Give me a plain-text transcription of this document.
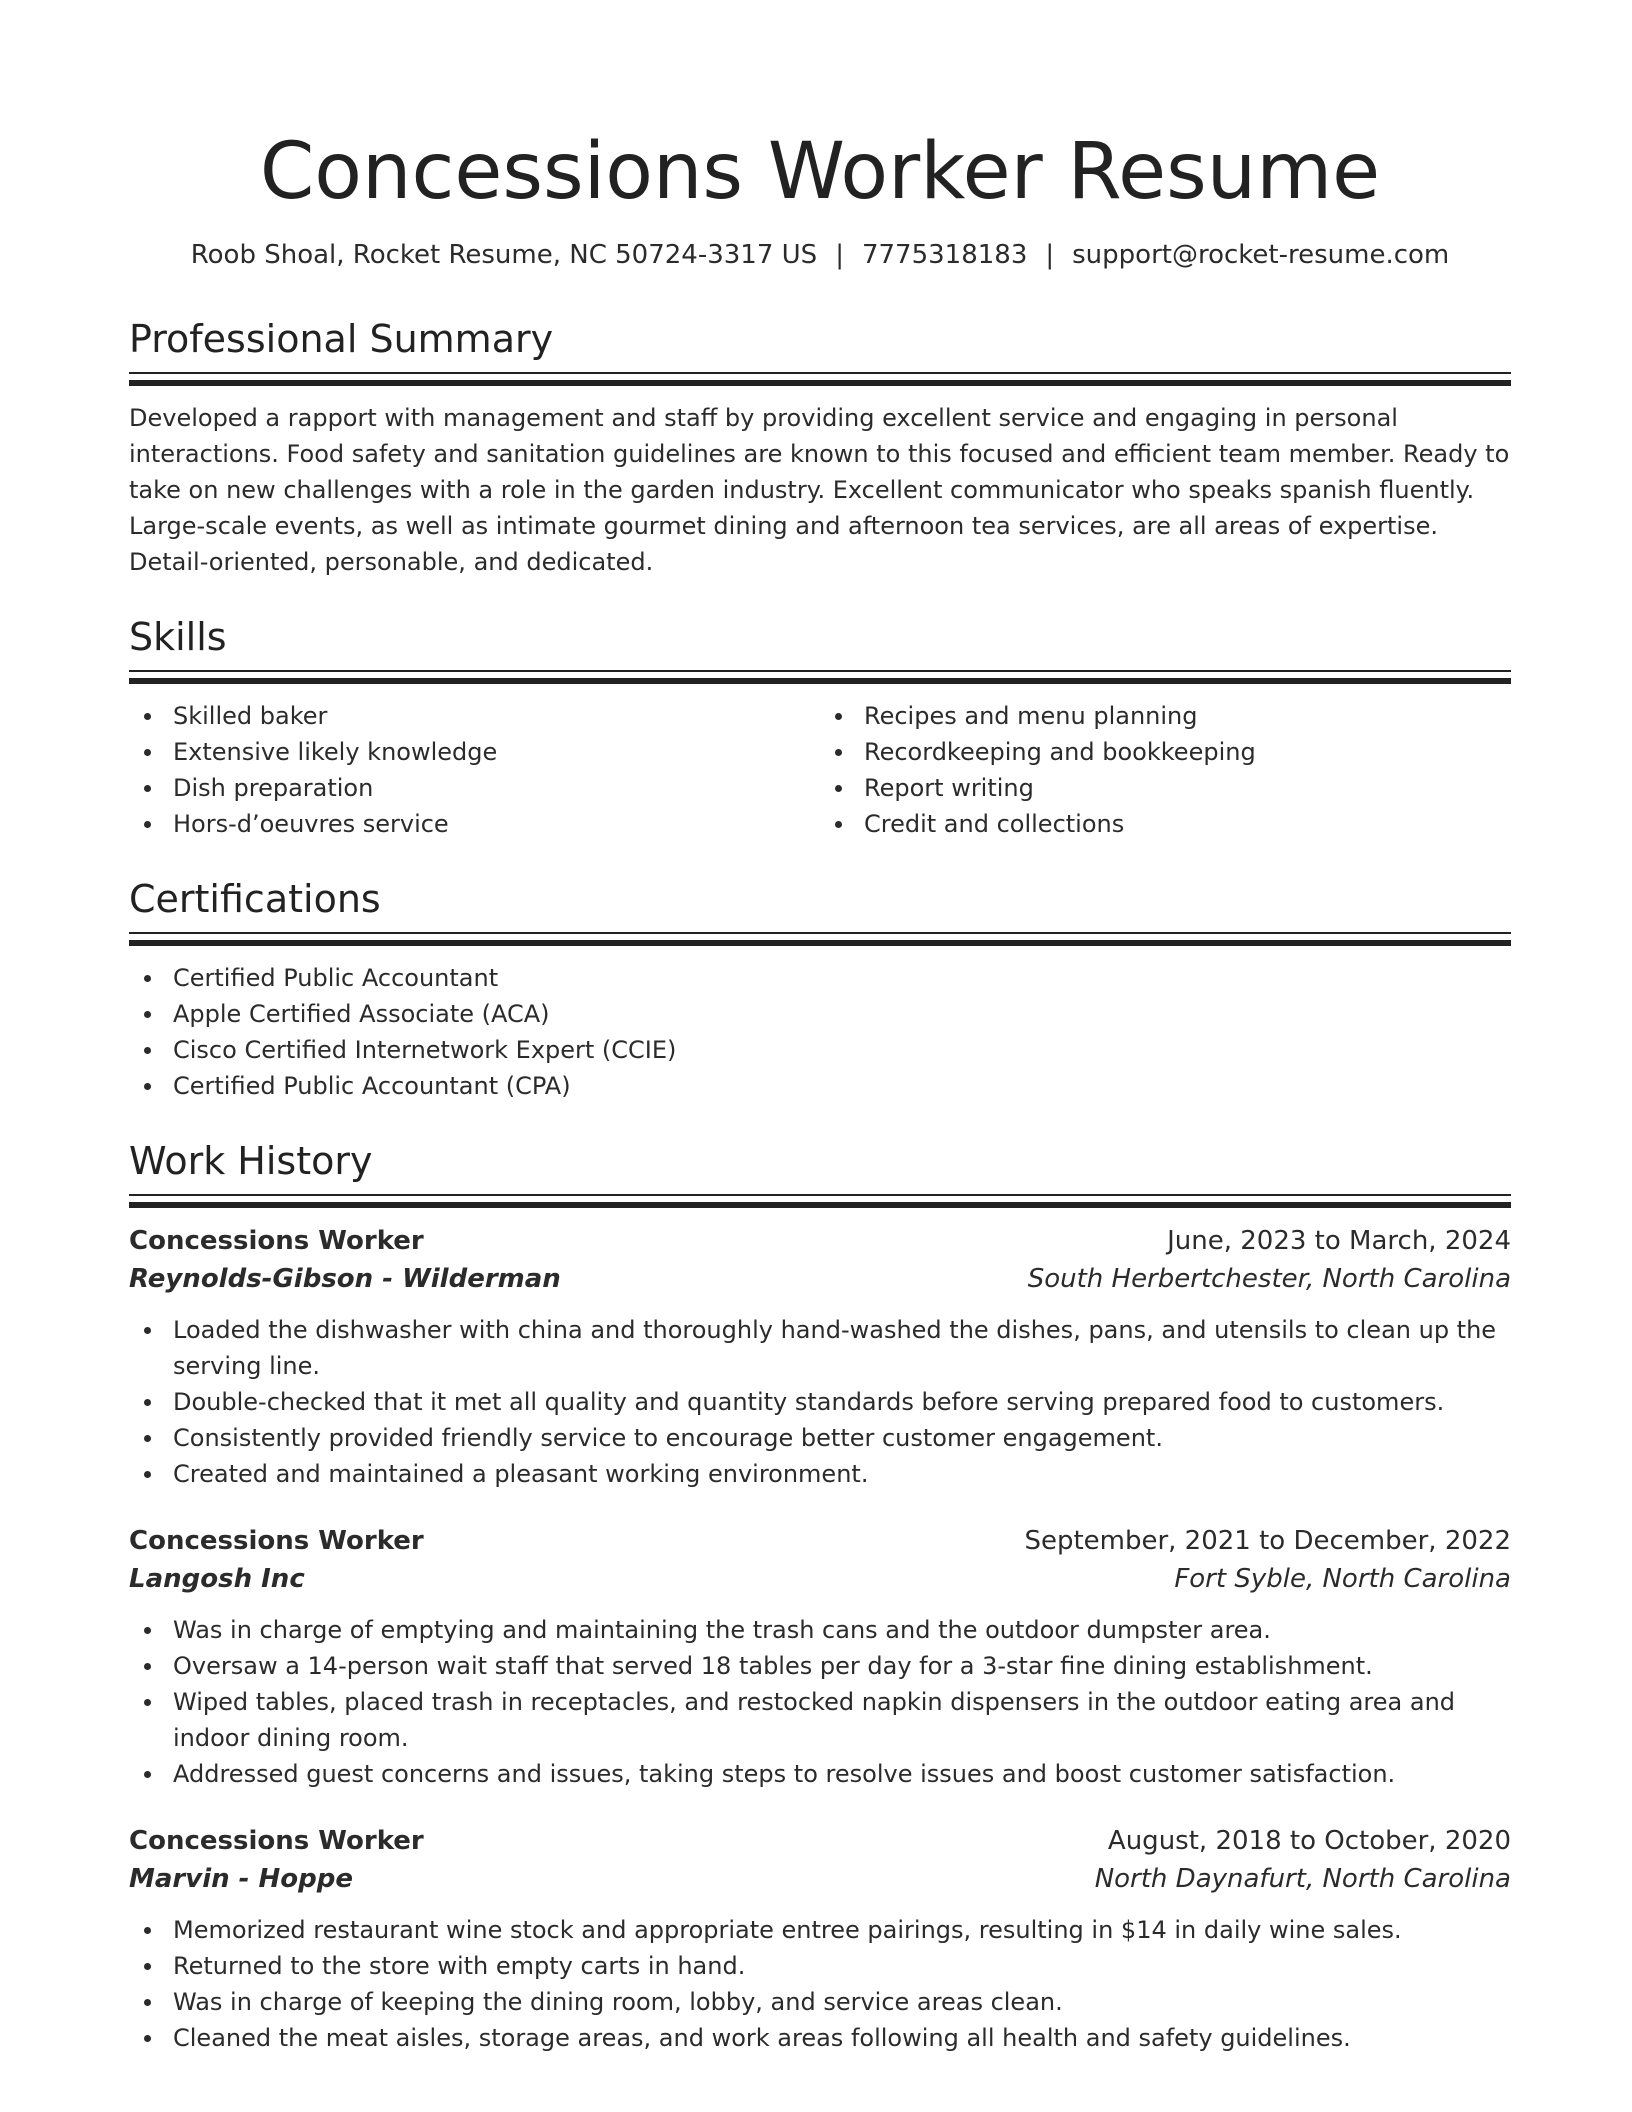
Concessions Worker Resume
Roob Shoal, Rocket Resume, NC 50724-3317 US | 7775318183 | support@rocket-resume.com
Professional Summary

Developed a rapport with management and staff by providing excellent service and engaging in personal interactions. Food safety and sanitation guidelines are known to this focused and efficient team member. Ready to take on new challenges with a role in the garden industry. Excellent communicator who speaks spanish fluently. Large-scale events, as well as intimate gourmet dining and afternoon tea services, are all areas of expertise. Detail-oriented, personable, and dedicated.

Skills
Skilled baker
Extensive likely knowledge
Dish preparation
Hors-d’oeuvres service
Recipes and menu planning
Recordkeeping and bookkeeping
Report writing
Credit and collections
Certifications
Certified Public Accountant
Apple Certified Associate (ACA)
Cisco Certified Internetwork Expert (CCIE)
Certified Public Accountant (CPA)
Work History
Concessions Worker	June, 2023 to March, 2024
Reynolds-Gibson - Wilderman	South Herbertchester, North Carolina
Loaded the dishwasher with china and thoroughly hand-washed the dishes, pans, and utensils to clean up the serving line.
Double-checked that it met all quality and quantity standards before serving prepared food to customers.
Consistently provided friendly service to encourage better customer engagement.
Created and maintained a pleasant working environment.
Concessions Worker	September, 2021 to December, 2022
Langosh Inc	Fort Syble, North Carolina
Was in charge of emptying and maintaining the trash cans and the outdoor dumpster area.
Oversaw a 14-person wait staff that served 18 tables per day for a 3-star fine dining establishment.
Wiped tables, placed trash in receptacles, and restocked napkin dispensers in the outdoor eating area and indoor dining room.
Addressed guest concerns and issues, taking steps to resolve issues and boost customer satisfaction.
Concessions Worker	August, 2018 to October, 2020
Marvin - Hoppe	North Daynafurt, North Carolina
Memorized restaurant wine stock and appropriate entree pairings, resulting in $14 in daily wine sales.
Returned to the store with empty carts in hand.
Was in charge of keeping the dining room, lobby, and service areas clean.
Cleaned the meat aisles, storage areas, and work areas following all health and safety guidelines.
